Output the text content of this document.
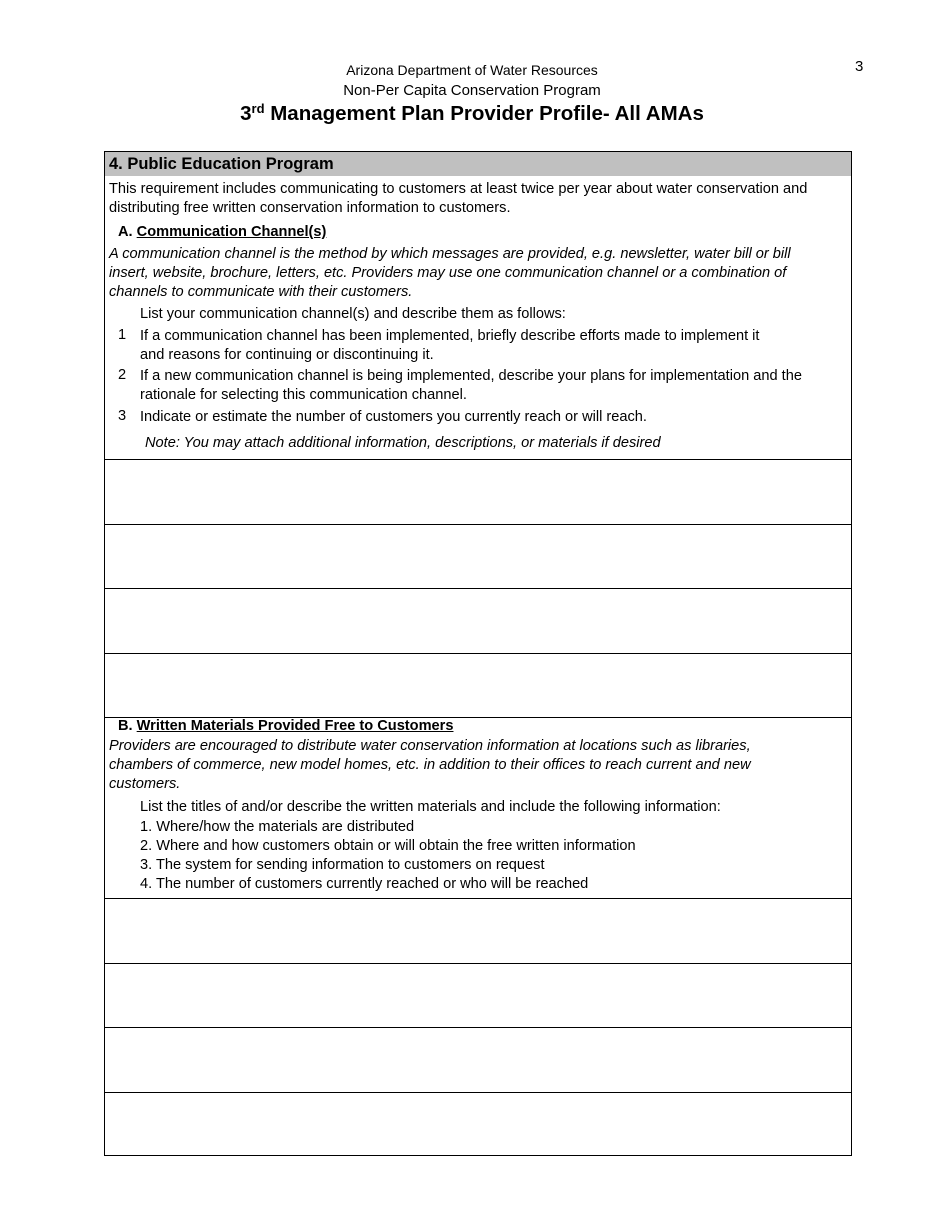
3
Arizona Department of Water Resources
Non-Per Capita Conservation Program
3rd Management Plan Provider Profile- All AMAs
4. Public Education Program
This requirement includes communicating to customers at least twice per year about water conservation and
distributing free written conservation information to customers.
A. Communication Channel(s)
A communication channel is the method by which messages are provided, e.g. newsletter, water bill or bill
insert, website, brochure, letters, etc. Providers may use one communication channel or a combination of
channels to communicate with their customers.
List your communication channel(s) and describe them as follows:
1 If a communication channel has been implemented, briefly describe efforts made to implement it
and reasons for continuing or discontinuing it.
2 If a new communication channel is being implemented, describe your plans for implementation and the
rationale for selecting this communication channel.
3 Indicate or estimate the number of customers you currently reach or will reach.
Note: You may attach additional information, descriptions, or materials if desired
B. Written Materials Provided Free to Customers
Providers are encouraged to distribute water conservation information at locations such as libraries,
chambers of commerce, new model homes, etc. in addition to their offices to reach current and new
customers.
List the titles of and/or describe the written materials and include the following information:
1. Where/how the materials are distributed
2. Where and how customers obtain or will obtain the free written information
3. The system for sending information to customers on request
4. The number of customers currently reached or who will be reached
